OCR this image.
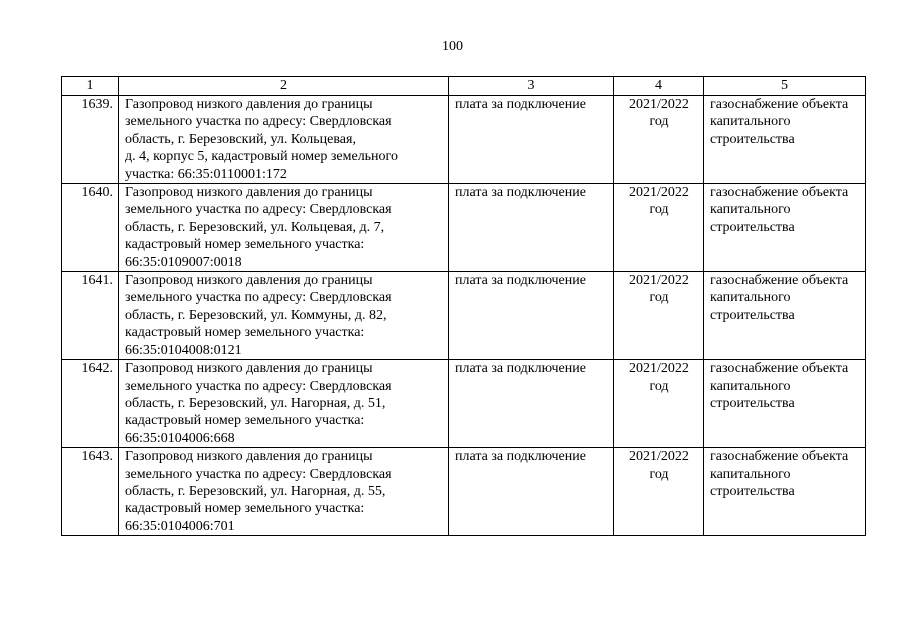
100
1	2	3	4	5
1639.	Газопровод низкого давления до границы
земельного участка по адресу: Свердловская
область, г. Березовский, ул. Кольцевая,
д. 4, корпус 5, кадастровый номер земельного
участка: 66:35:0110001:172	плата за подключение	2021/2022
год	газоснабжение объекта
капитального
строительства

1640.	Газопровод низкого давления до границы
земельного участка по адресу: Свердловская
область, г. Березовский, ул. Кольцевая, д. 7,
кадастровый номер земельного участка:
66:35:0109007:0018	плата за подключение	2021/2022
год	газоснабжение объекта
капитального
строительства

1641.	Газопровод низкого давления до границы
земельного участка по адресу: Свердловская
область, г. Березовский, ул. Коммуны, д. 82,
кадастровый номер земельного участка:
66:35:0104008:0121	плата за подключение	2021/2022
год	газоснабжение объекта
капитального
строительства

1642.	Газопровод низкого давления до границы
земельного участка по адресу: Свердловская
область, г. Березовский, ул. Нагорная, д. 51,
кадастровый номер земельного участка:
66:35:0104006:668	плата за подключение	2021/2022
год	газоснабжение объекта
капитального
строительства

1643.	Газопровод низкого давления до границы
земельного участка по адресу: Свердловская
область, г. Березовский, ул. Нагорная, д. 55,
кадастровый номер земельного участка:
66:35:0104006:701	плата за подключение	2021/2022
год	газоснабжение объекта
капитального
строительства
